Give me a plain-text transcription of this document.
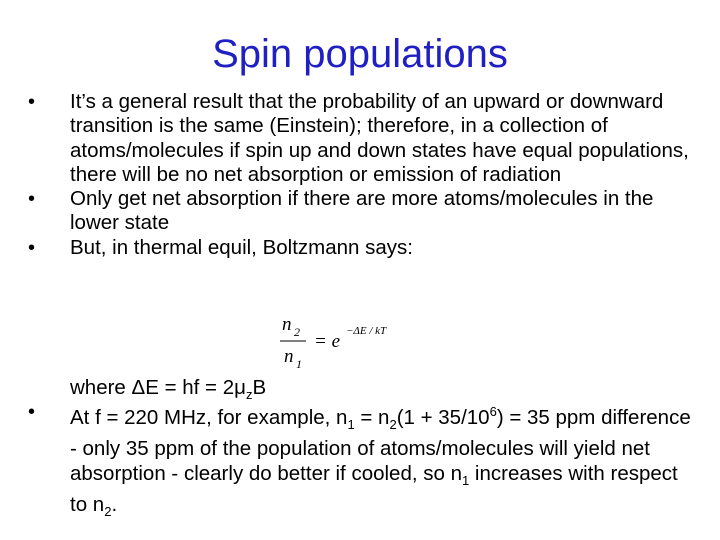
Spin populations
•	It’s a general result that the probability of an upward or downward transition is the same (Einstein); therefore, in a collection of atoms/molecules if spin up and down states have equal populations, there will be no net absorption or emission of radiation
•	Only get net absorption if there are more atoms/molecules in the lower state
•	But, in thermal equil, Boltzmann says:
n 2
n 1
= e −ΔE / kT
where ΔE = hf = $2\mu_zB$
•	At f = 220 MHz, for example, $n_1 = n_2(1 + 35/10^6) = 35$ ppm difference - only 35 ppm of the population of atoms/molecules will yield net absorption - clearly do better if cooled, so $n_1$ increases with respect to $n_2$.
